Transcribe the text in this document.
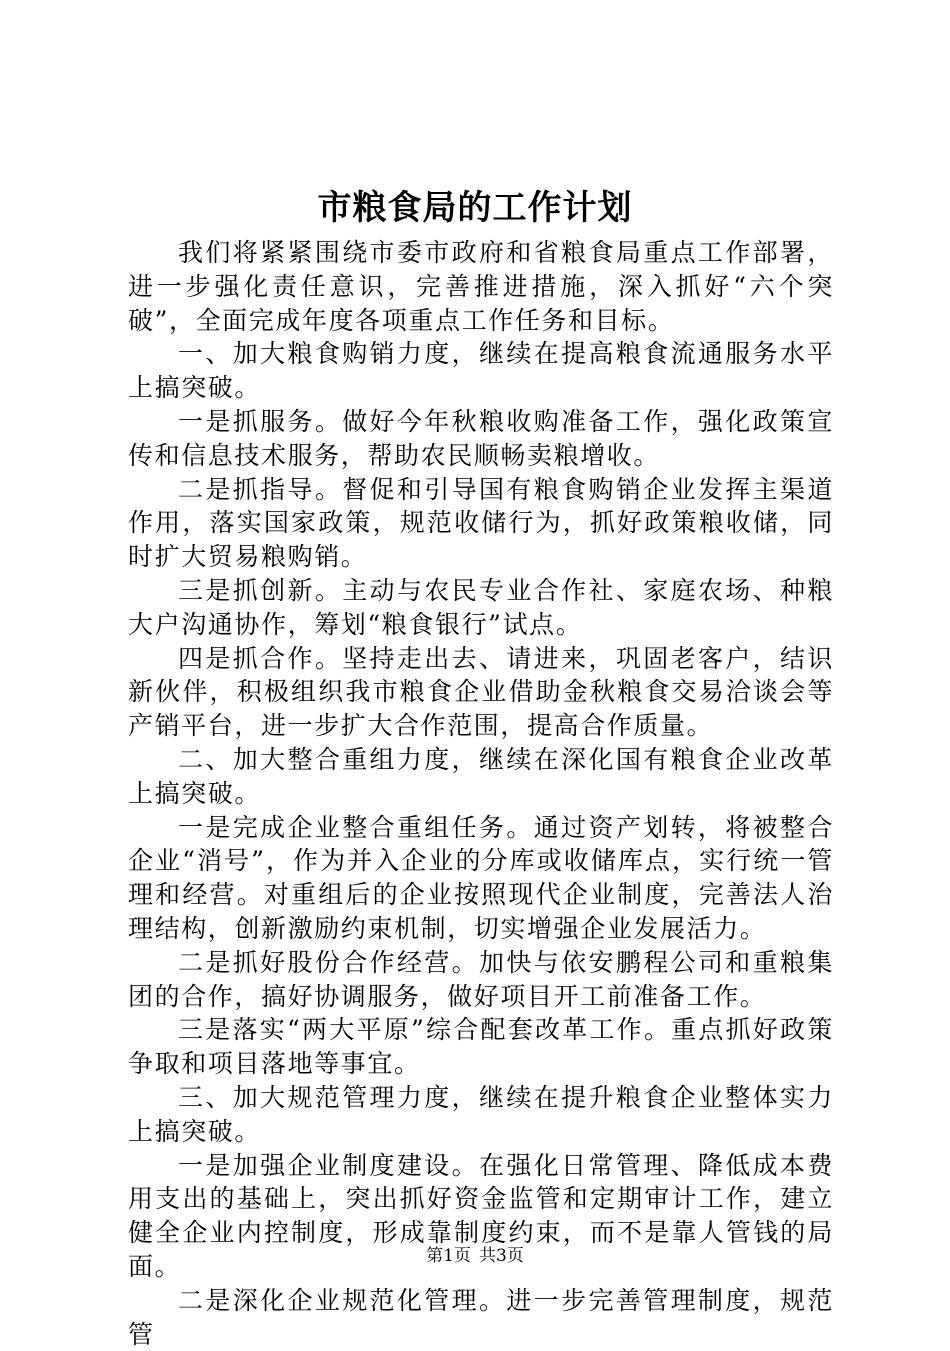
市粮食局的工作计划

我们将紧紧围绕市委市政府和省粮食局重点工作部署，进一步强化责任意识，完善推进措施，深入抓好“六个突破”，全面完成年度各项重点工作任务和目标。

一、加大粮食购销力度，继续在提高粮食流通服务水平上搞突破。

一是抓服务。做好今年秋粮收购准备工作，强化政策宣传和信息技术服务，帮助农民顺畅卖粮增收。

二是抓指导。督促和引导国有粮食购销企业发挥主渠道作用，落实国家政策，规范收储行为，抓好政策粮收储，同时扩大贸易粮购销。

三是抓创新。主动与农民专业合作社、家庭农场、种粮大户沟通协作，筹划“粮食银行”试点。

四是抓合作。坚持走出去、请进来，巩固老客户，结识新伙伴，积极组织我市粮食企业借助金秋粮食交易洽谈会等产销平台，进一步扩大合作范围，提高合作质量。

二、加大整合重组力度，继续在深化国有粮食企业改革上搞突破。

一是完成企业整合重组任务。通过资产划转，将被整合企业“消号”，作为并入企业的分库或收储库点，实行统一管理和经营。对重组后的企业按照现代企业制度，完善法人治理结构，创新激励约束机制，切实增强企业发展活力。

二是抓好股份合作经营。加快与依安鹏程公司和重粮集团的合作，搞好协调服务，做好项目开工前准备工作。

三是落实“两大平原”综合配套改革工作。重点抓好政策争取和项目落地等事宜。

三、加大规范管理力度，继续在提升粮食企业整体实力上搞突破。

一是加强企业制度建设。在强化日常管理、降低成本费用支出的基础上，突出抓好资金监管和定期审计工作，建立健全企业内控制度，形成靠制度约束，而不是靠人管钱的局面。

二是深化企业规范化管理。进一步完善管理制度，规范管

第1页 共3页
